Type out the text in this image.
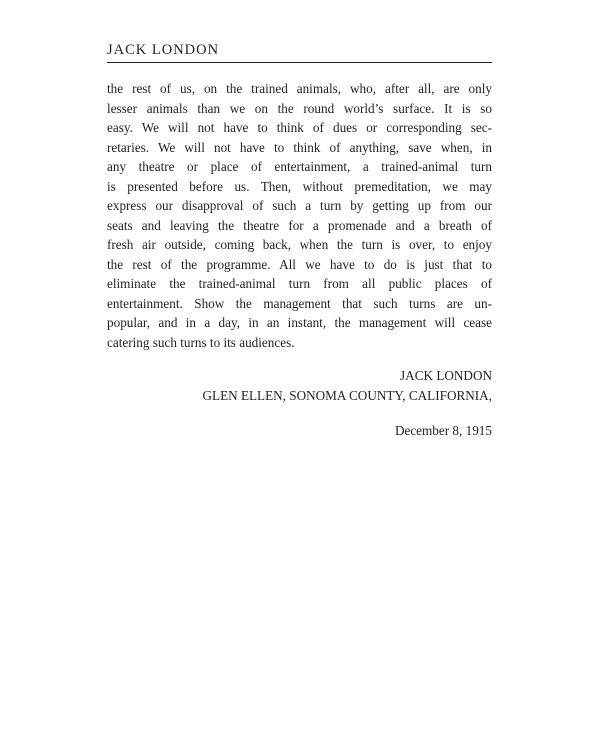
JACK LONDON
the rest of us, on the trained animals, who, after all, are only
lesser animals than we on the round world’s surface. It is so
easy. We will not have to think of dues or corresponding sec-
retaries. We will not have to think of anything, save when, in
any theatre or place of entertainment, a trained-animal turn
is presented before us. Then, without premeditation, we may
express our disapproval of such a turn by getting up from our
seats and leaving the theatre for a promenade and a breath of
fresh air outside, coming back, when the turn is over, to enjoy
the rest of the programme. All we have to do is just that to
eliminate the trained-animal turn from all public places of
entertainment. Show the management that such turns are un-
popular, and in a day, in an instant, the management will cease
catering such turns to its audiences.
JACK LONDON
GLEN ELLEN, SONOMA COUNTY, CALIFORNIA,
December 8, 1915
